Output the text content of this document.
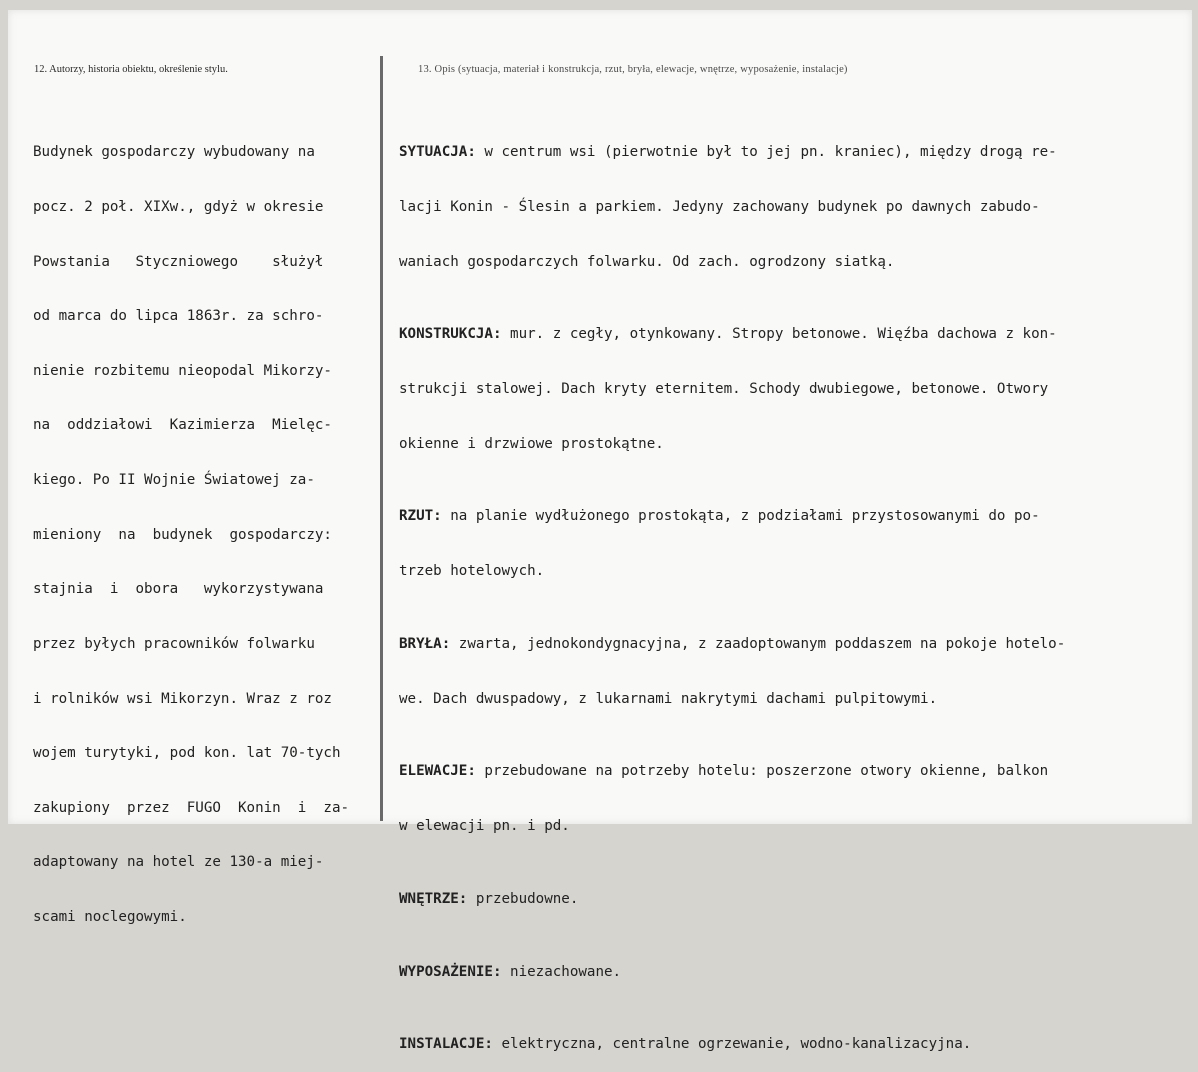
12. Autorzy, historia obiektu, określenie stylu.	13. Opis (sytuacja, materiał i konstrukcja, rzut, bryła, elewacje, wnętrze, wyposażenie, instalacje)

Budynek gospodarczy wybudowany na

pocz. 2 poł. XIXw., gdyż w okresie

Powstania   Styczniowego    służył

od marca do lipca 1863r. za schro-

nienie rozbitemu nieopodal Mikorzy-

na  oddziałowi  Kazimierza  Mielęc-

kiego. Po II Wojnie Światowej za-

mieniony  na  budynek  gospodarczy:

stajnia  i  obora   wykorzystywana

przez byłych pracowników folwarku

i rolników wsi Mikorzyn. Wraz z roz

wojem turytyki, pod kon. lat 70-tych

zakupiony  przez  FUGO  Konin  i  za-

adaptowany na hotel ze 130-a miej-

scami noclegowymi.

SYTUACJA: w centrum wsi (pierwotnie był to jej pn. kraniec), między drogą re-

lacji Konin - Ślesin a parkiem. Jedyny zachowany budynek po dawnych zabudo-

waniach gospodarczych folwarku. Od zach. ogrodzony siatką.

KONSTRUKCJA: mur. z cegły, otynkowany. Stropy betonowe. Więźba dachowa z kon-

strukcji stalowej. Dach kryty eternitem. Schody dwubiegowe, betonowe. Otwory

okienne i drzwiowe prostokątne.

RZUT: na planie wydłużonego prostokąta, z podziałami przystosowanymi do po-

trzeb hotelowych.

BRYŁA: zwarta, jednokondygnacyjna, z zaadoptowanym poddaszem na pokoje hotelo-

we. Dach dwuspadowy, z lukarnami nakrytymi dachami pulpitowymi.

ELEWACJE: przebudowane na potrzeby hotelu: poszerzone otwory okienne, balkon

w elewacji pn. i pd.

WNĘTRZE: przebudowne.

WYPOSAŻENIE: niezachowane.

INSTALACJE: elektryczna, centralne ogrzewanie, wodno-kanalizacyjna.
